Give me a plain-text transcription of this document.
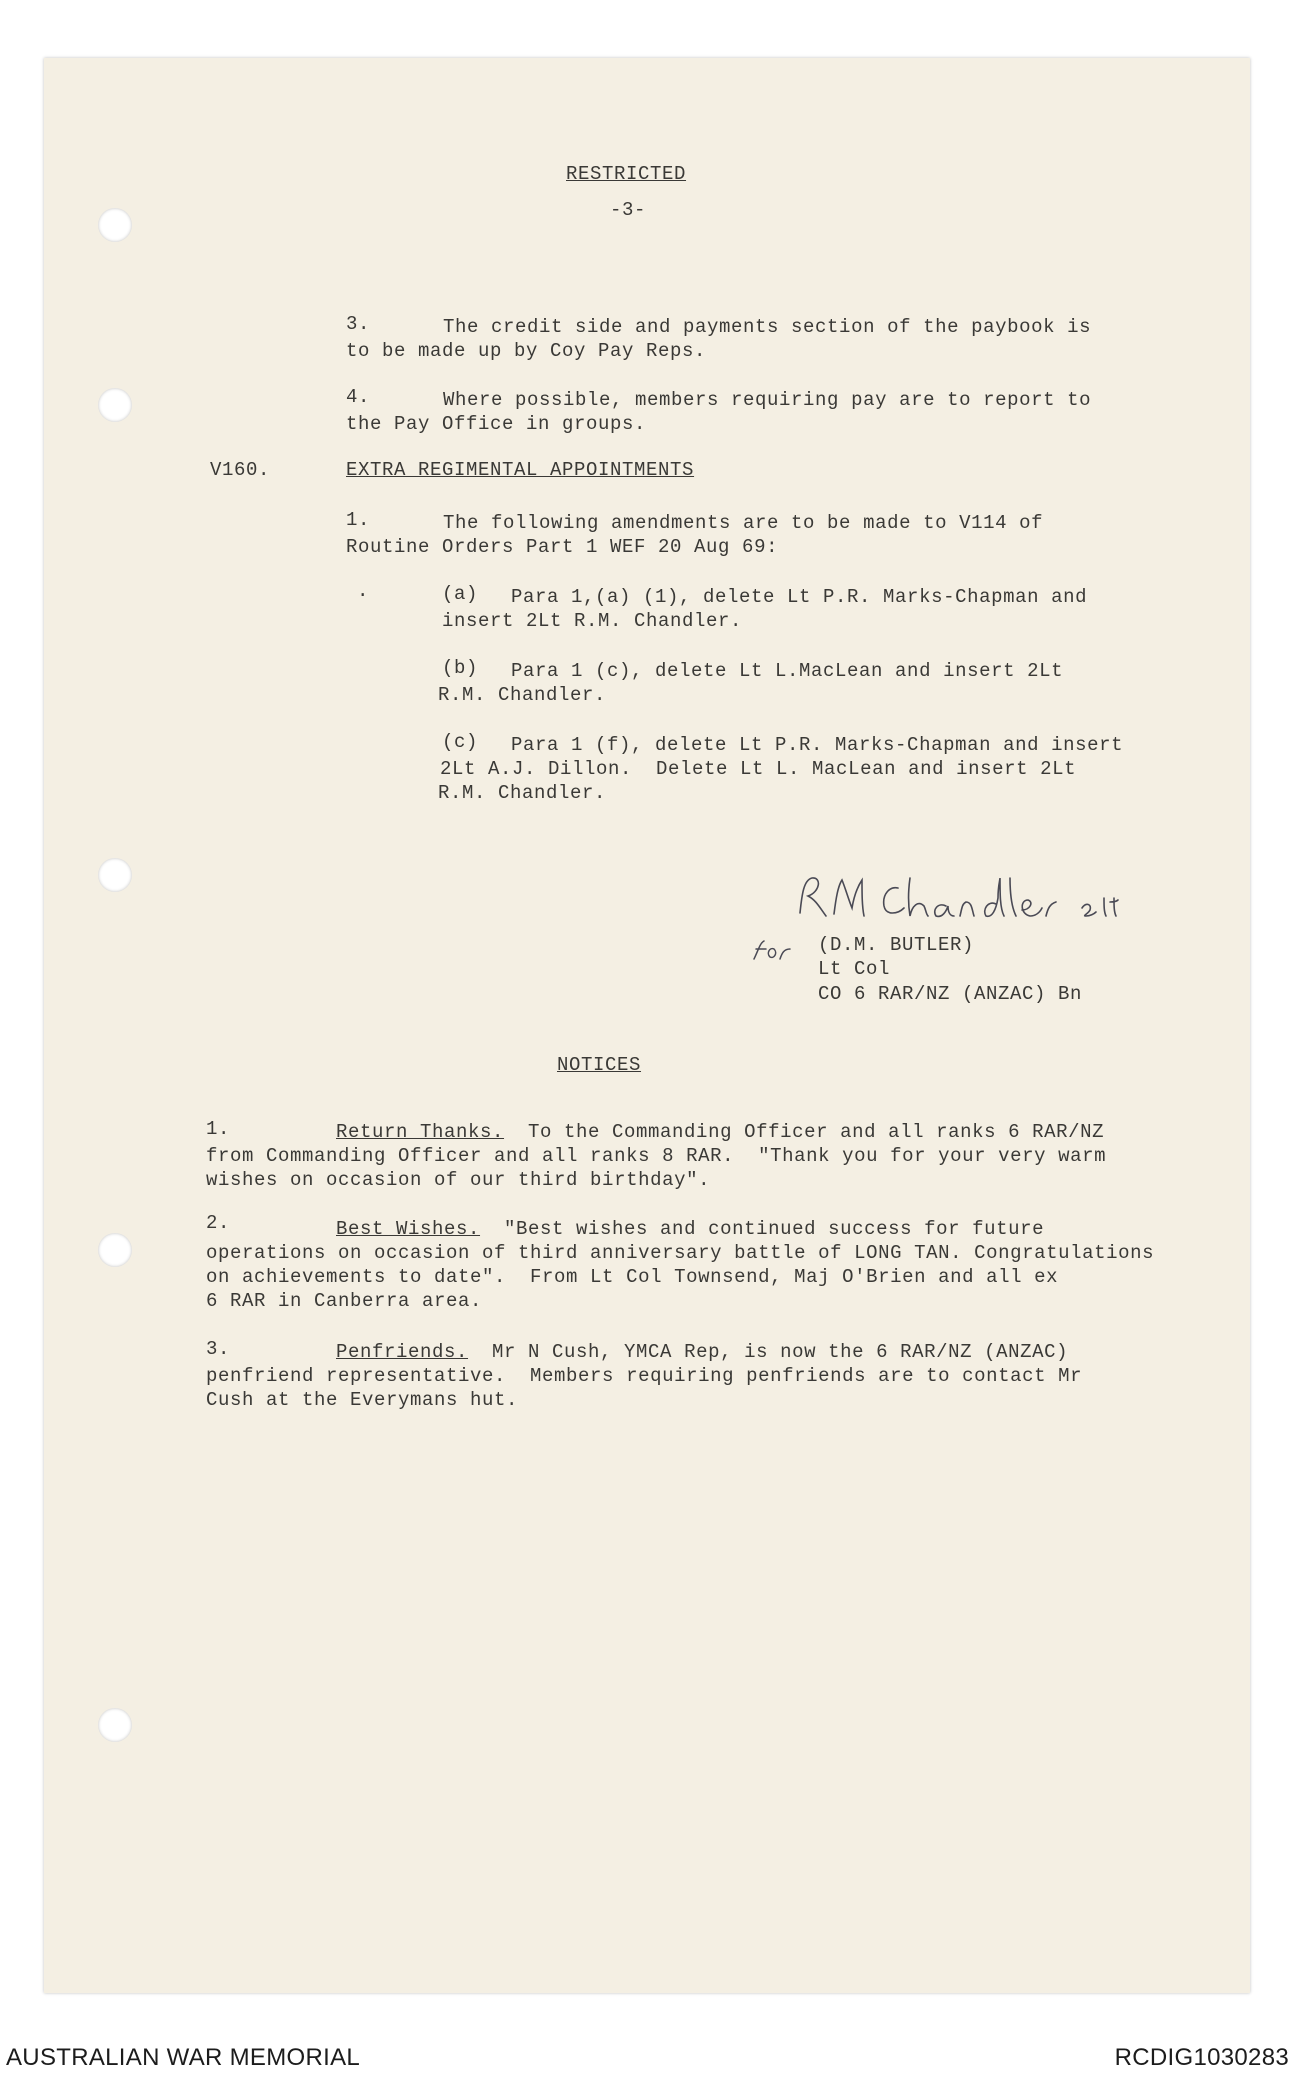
RESTRICTED
-3-
3.	The credit side and payments section of the paybook is
to be made up by Coy Pay Reps.
4.	Where possible, members requiring pay are to report to
the Pay Office in groups.
V160.	EXTRA REGIMENTAL APPOINTMENTS
1.	The following amendments are to be made to V114 of
Routine Orders Part 1 WEF 20 Aug 69:
·	(a) Para 1,(a) (1), delete Lt P.R. Marks-Chapman and
insert 2Lt R.M. Chandler.
(b) Para 1 (c), delete Lt L.MacLean and insert 2Lt
R.M. Chandler.
(c) Para 1 (f), delete Lt P.R. Marks-Chapman and insert
2Lt A.J. Dillon.  Delete Lt L. MacLean and insert 2Lt
R.M. Chandler.
(D.M. BUTLER)
Lt Col
CO 6 RAR/NZ (ANZAC) Bn
NOTICES
1.	Return Thanks.  To the Commanding Officer and all ranks 6 RAR/NZ
from Commanding Officer and all ranks 8 RAR.  "Thank you for your very warm
wishes on occasion of our third birthday".
2.	Best Wishes.  "Best wishes and continued success for future
operations on occasion of third anniversary battle of LONG TAN. Congratulations
on achievements to date".  From Lt Col Townsend, Maj O'Brien and all ex
6 RAR in Canberra area.
3.	Penfriends.  Mr N Cush, YMCA Rep, is now the 6 RAR/NZ (ANZAC)
penfriend representative.  Members requiring penfriends are to contact Mr
Cush at the Everymans hut.
AUSTRALIAN WAR MEMORIAL	RCDIG1030283
